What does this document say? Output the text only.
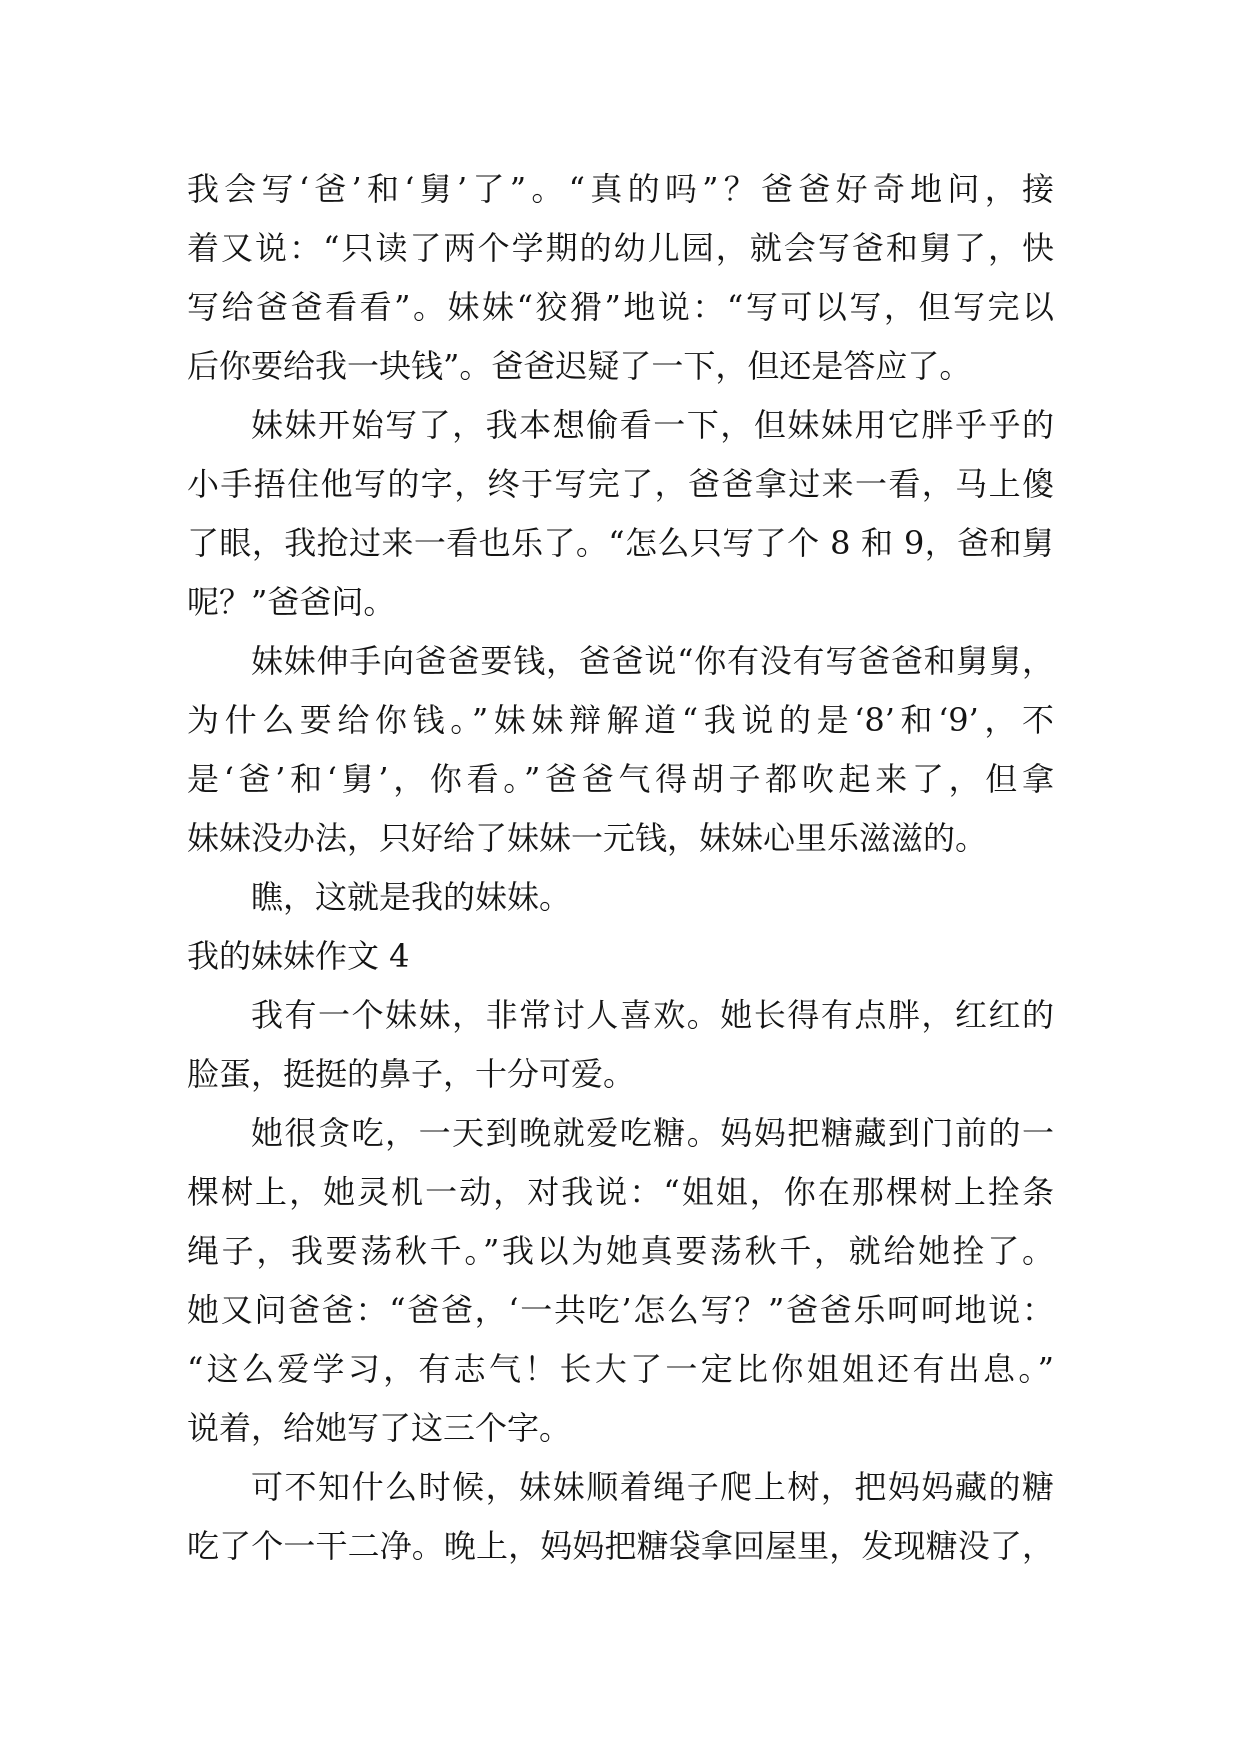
我会写‘爸’和‘舅’了”。“真的吗”？爸爸好奇地问，接
着又说：“只读了两个学期的幼儿园，就会写爸和舅了，快
写给爸爸看看”。妹妹“狡猾”地说：“写可以写，但写完以
后你要给我一块钱”。爸爸迟疑了一下，但还是答应了。
妹妹开始写了，我本想偷看一下，但妹妹用它胖乎乎的
小手捂住他写的字，终于写完了，爸爸拿过来一看，马上傻
了眼，我抢过来一看也乐了。“怎么只写了个 8 和 9，爸和舅
呢？”爸爸问。
妹妹伸手向爸爸要钱，爸爸说“你有没有写爸爸和舅舅，
为什么要给你钱。”妹妹辩解道“我说的是‘8’和‘9’，不
是‘爸’和‘舅’，你看。”爸爸气得胡子都吹起来了，但拿
妹妹没办法，只好给了妹妹一元钱，妹妹心里乐滋滋的。
瞧，这就是我的妹妹。
我的妹妹作文 4
我有一个妹妹，非常讨人喜欢。她长得有点胖，红红的
脸蛋，挺挺的鼻子，十分可爱。
她很贪吃，一天到晚就爱吃糖。妈妈把糖藏到门前的一
棵树上，她灵机一动，对我说：“姐姐，你在那棵树上拴条
绳子，我要荡秋千。”我以为她真要荡秋千，就给她拴了。
她又问爸爸：“爸爸，‘一共吃’怎么写？”爸爸乐呵呵地说：
“这么爱学习，有志气！长大了一定比你姐姐还有出息。”
说着，给她写了这三个字。
可不知什么时候，妹妹顺着绳子爬上树，把妈妈藏的糖
吃了个一干二净。晚上，妈妈把糖袋拿回屋里，发现糖没了，
